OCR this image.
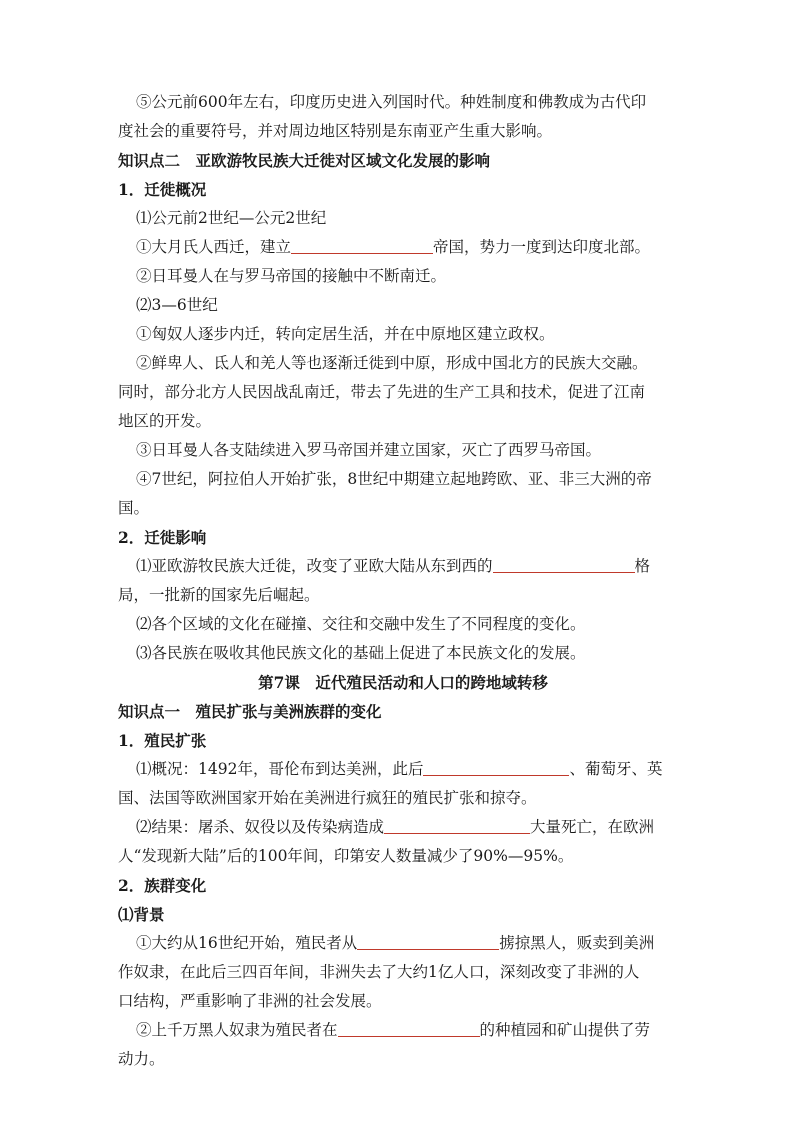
⑤公元前600年左右，印度历史进入列国时代。种姓制度和佛教成为古代印
度社会的重要符号，并对周边地区特别是东南亚产生重大影响。
知识点二　亚欧游牧民族大迁徙对区域文化发展的影响
1．迁徙概况
⑴公元前2世纪—公元2世纪
①大月氏人西迁，建立	帝国，势力一度到达印度北部。
②日耳曼人在与罗马帝国的接触中不断南迁。
⑵3—6世纪
①匈奴人逐步内迁，转向定居生活，并在中原地区建立政权。
②鲜卑人、氐人和羌人等也逐渐迁徙到中原，形成中国北方的民族大交融。
同时，部分北方人民因战乱南迁，带去了先进的生产工具和技术，促进了江南
地区的开发。
③日耳曼人各支陆续进入罗马帝国并建立国家，灭亡了西罗马帝国。
④7世纪，阿拉伯人开始扩张，8世纪中期建立起地跨欧、亚、非三大洲的帝
国。
2．迁徙影响
⑴亚欧游牧民族大迁徙，改变了亚欧大陆从东到西的	格
局，一批新的国家先后崛起。
⑵各个区域的文化在碰撞、交往和交融中发生了不同程度的变化。
⑶各民族在吸收其他民族文化的基础上促进了本民族文化的发展。
第7课　近代殖民活动和人口的跨地域转移
知识点一　殖民扩张与美洲族群的变化
1．殖民扩张
⑴概况：1492年，哥伦布到达美洲，此后	、葡萄牙、英
国、法国等欧洲国家开始在美洲进行疯狂的殖民扩张和掠夺。
⑵结果：屠杀、奴役以及传染病造成	大量死亡，在欧洲
人“发现新大陆”后的100年间，印第安人数量减少了90%—95%。
2．族群变化
⑴背景
①大约从16世纪开始，殖民者从	掳掠黑人，贩卖到美洲
作奴隶，在此后三四百年间，非洲失去了大约1亿人口，深刻改变了非洲的人
口结构，严重影响了非洲的社会发展。
②上千万黑人奴隶为殖民者在	的种植园和矿山提供了劳
动力。
